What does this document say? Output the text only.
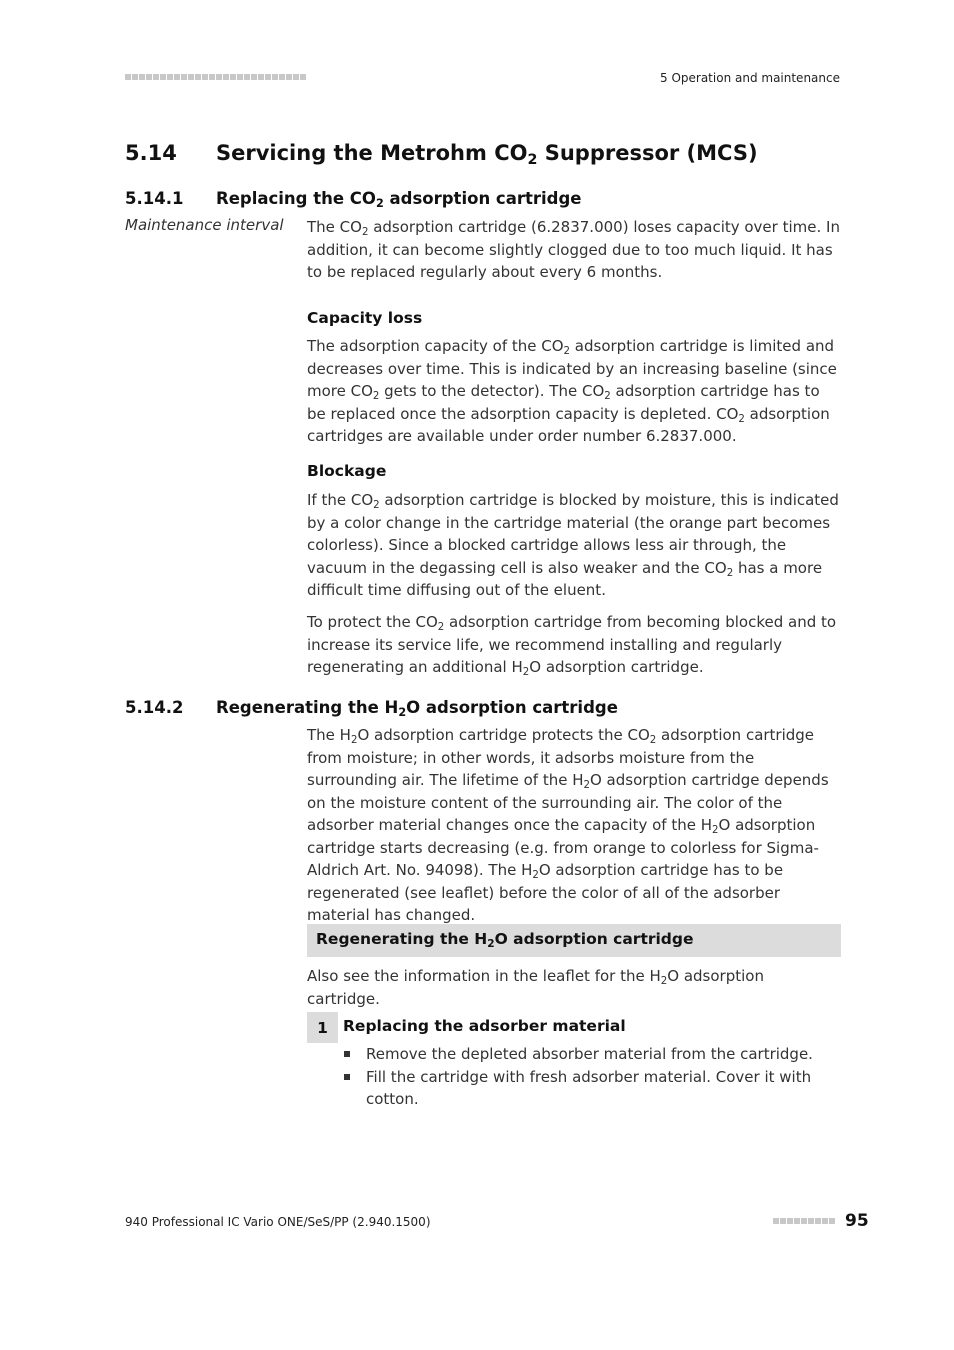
5 Operation and maintenance
5.14 Servicing the Metrohm $CO_2$ Suppressor (MCS)
5.14.1 Replacing the $CO_2$ adsorption cartridge
Maintenance interval The $CO_2$ adsorption cartridge (6.2837.000) loses capacity over time. In addition, it can become slightly clogged due to too much liquid. It has to be replaced regularly about every 6 months.

Capacity loss

The adsorption capacity of the $CO_2$ adsorption cartridge is limited and decreases over time. This is indicated by an increasing baseline (since more $CO_2$ gets to the detector). The $CO_2$ adsorption cartridge has to be replaced once the adsorption capacity is depleted. $CO_2$ adsorption cartridges are available under order number 6.2837.000.

Blockage

If the $CO_2$ adsorption cartridge is blocked by moisture, this is indicated by a color change in the cartridge material (the orange part becomes colorless). Since a blocked cartridge allows less air through, the vacuum in the degassing cell is also weaker and the $CO_2$ has a more difficult time diffusing out of the eluent.

To protect the $CO_2$ adsorption cartridge from becoming blocked and to increase its service life, we recommend installing and regularly regenerating an additional $H_2O$ adsorption cartridge.

5.14.2 Regenerating the $H_2O$ adsorption cartridge

The $H_2O$ adsorption cartridge protects the $CO_2$ adsorption cartridge from moisture; in other words, it adsorbs moisture from the surrounding air. The lifetime of the $H_2O$ adsorption cartridge depends on the moisture content of the surrounding air. The color of the adsorber material changes once the capacity of the $H_2O$ adsorption cartridge starts decreasing (e.g. from orange to colorless for Sigma-Aldrich Art. No. 94098). The $H_2O$ adsorption cartridge has to be regenerated (see leaflet) before the color of all of the adsorber material has changed.

Regenerating the $H_2O$ adsorption cartridge

Also see the information in the leaflet for the $H_2O$ adsorption cartridge.

1 Replacing the adsorber material
Remove the depleted absorber material from the cartridge.
Fill the cartridge with fresh adsorber material. Cover it with cotton.
940 Professional IC Vario ONE/SeS/PP (2.940.1500)	95
